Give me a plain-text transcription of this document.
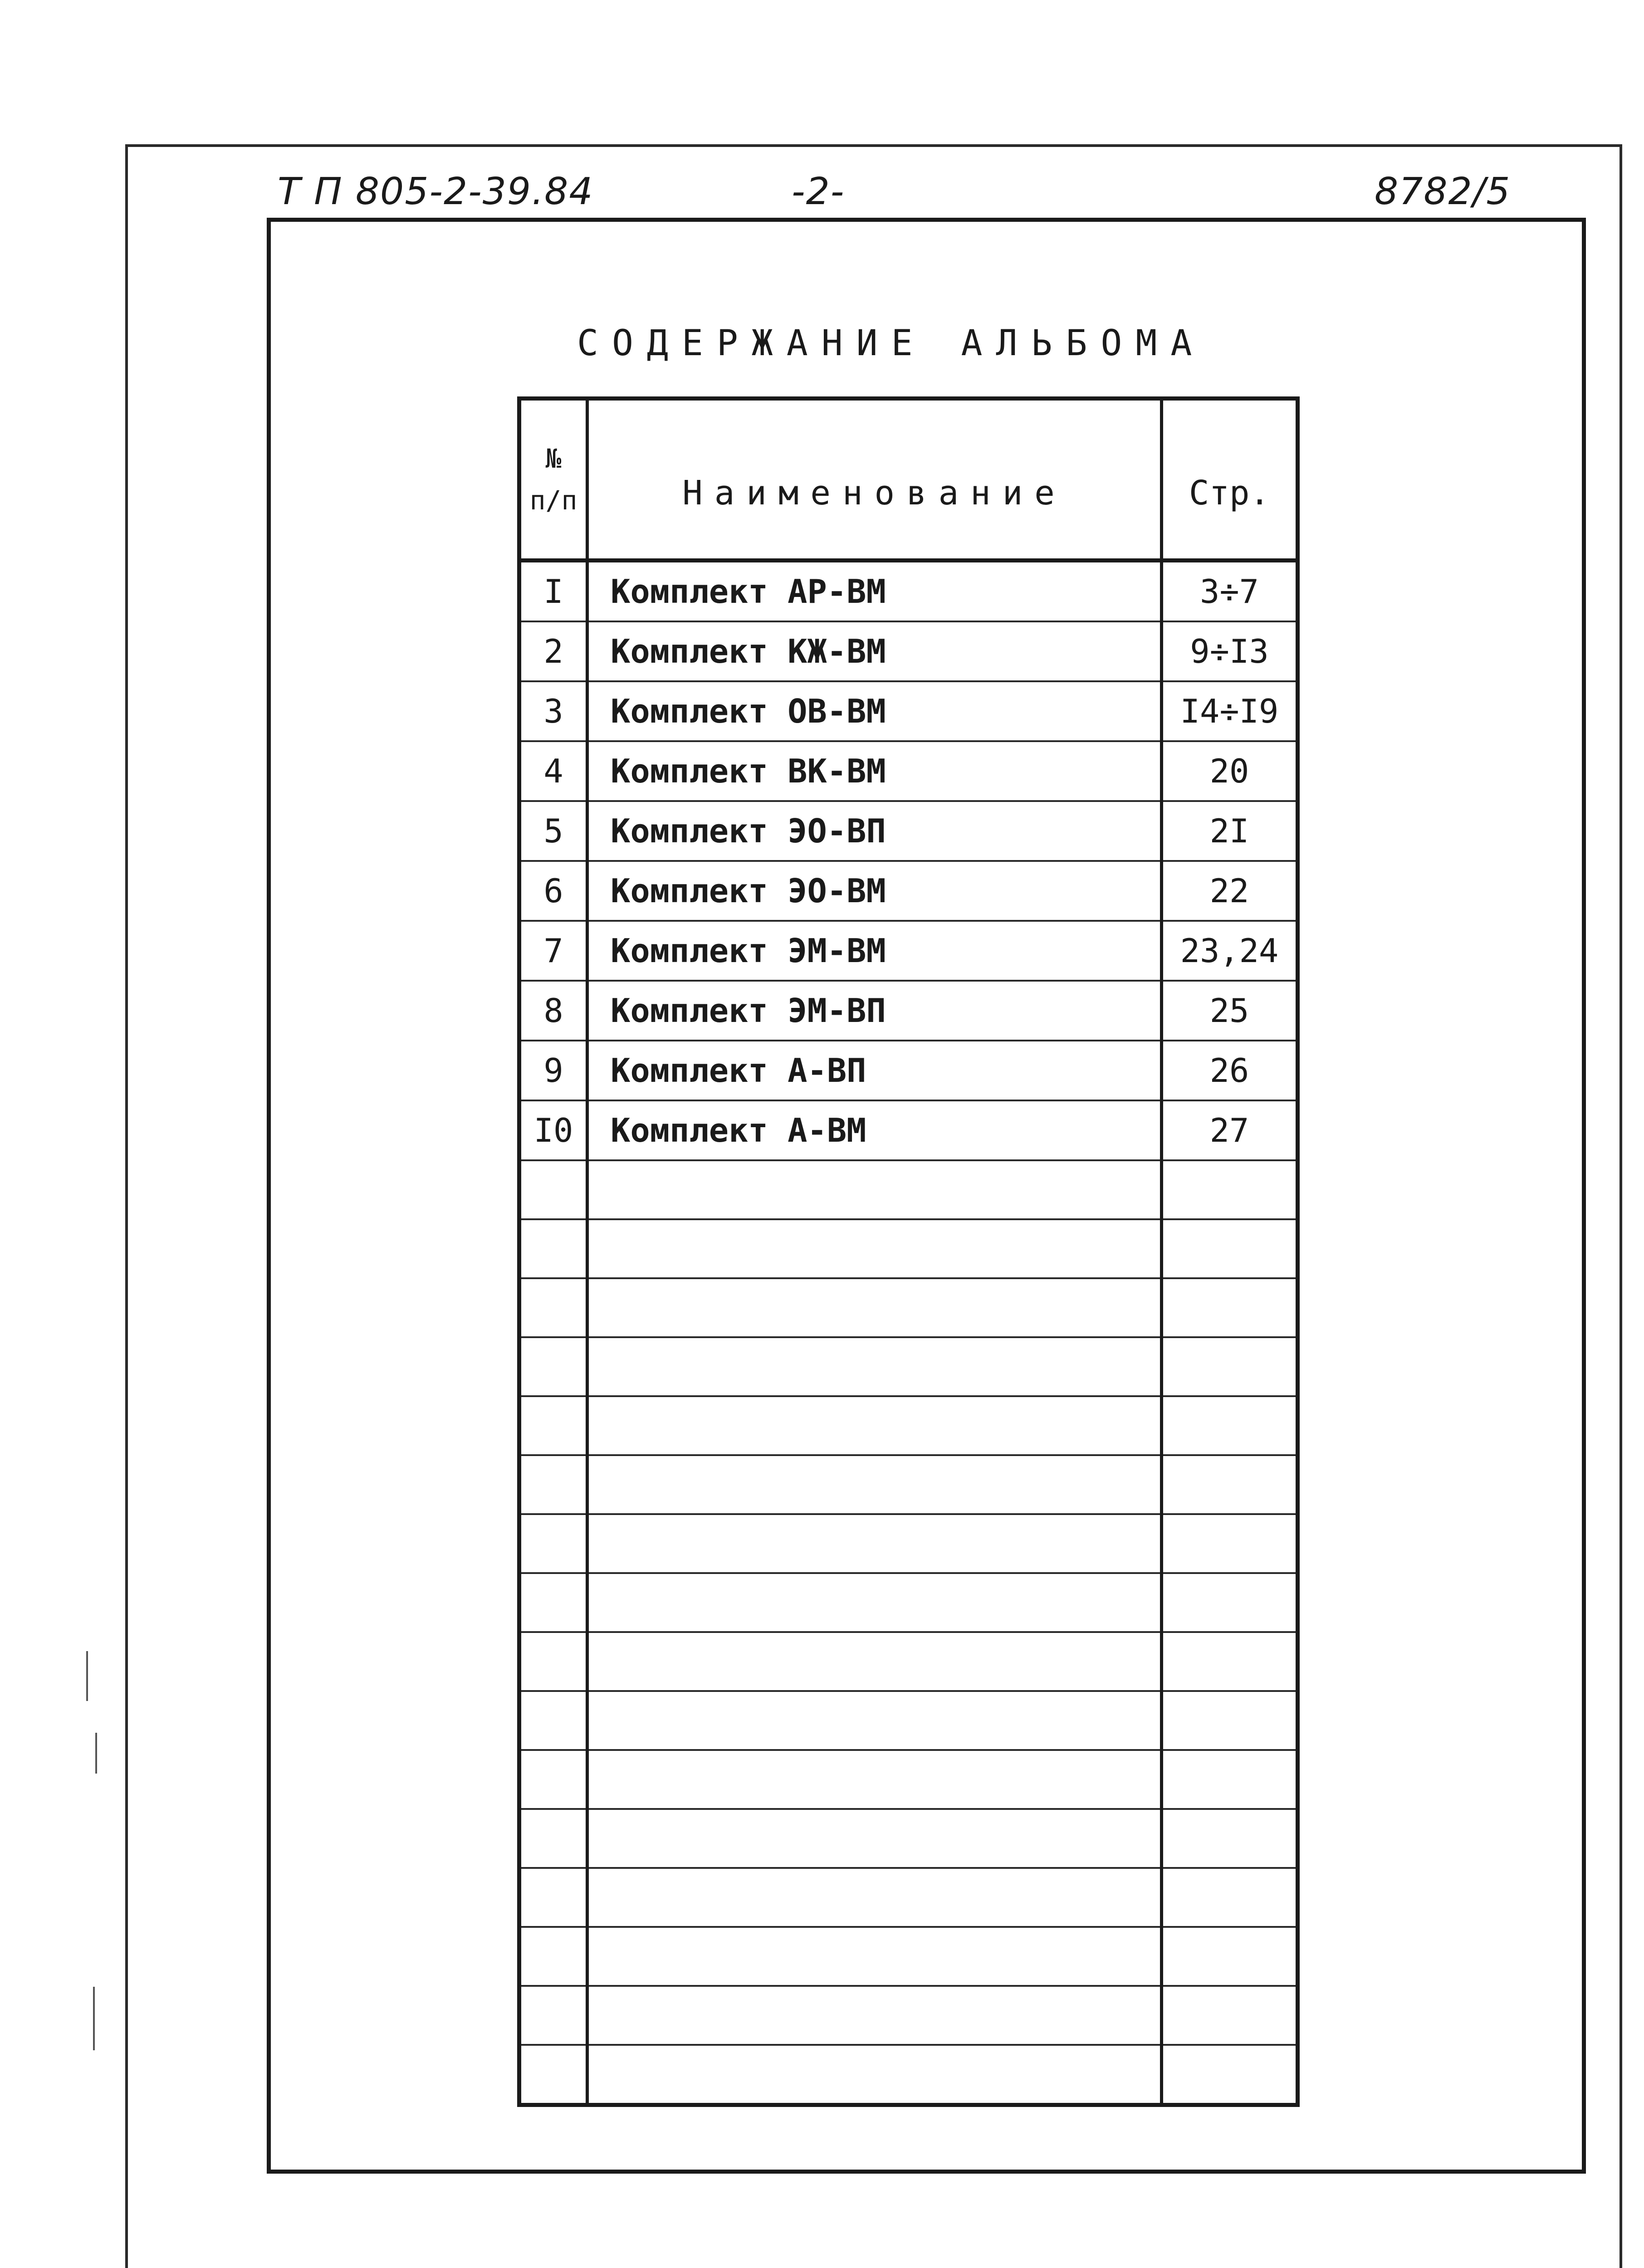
Т П 805-2-39.84	-2-	8782/5
СОДЕРЖАНИЕ АЛЬБОМА
№
п/п	Наименование	Стр.
I	Комплект АР-ВМ	3÷7
2	Комплект КЖ-ВМ	9÷I3
3	Комплект ОВ-ВМ	I4÷I9
4	Комплект ВК-ВМ	20
5	Комплект ЭО-ВП	2I
6	Комплект ЭО-ВМ	22
7	Комплект ЭМ-ВМ	23,24
8	Комплект ЭМ-ВП	25
9	Комплект А-ВП	26
I0	Комплект А-ВМ	27
